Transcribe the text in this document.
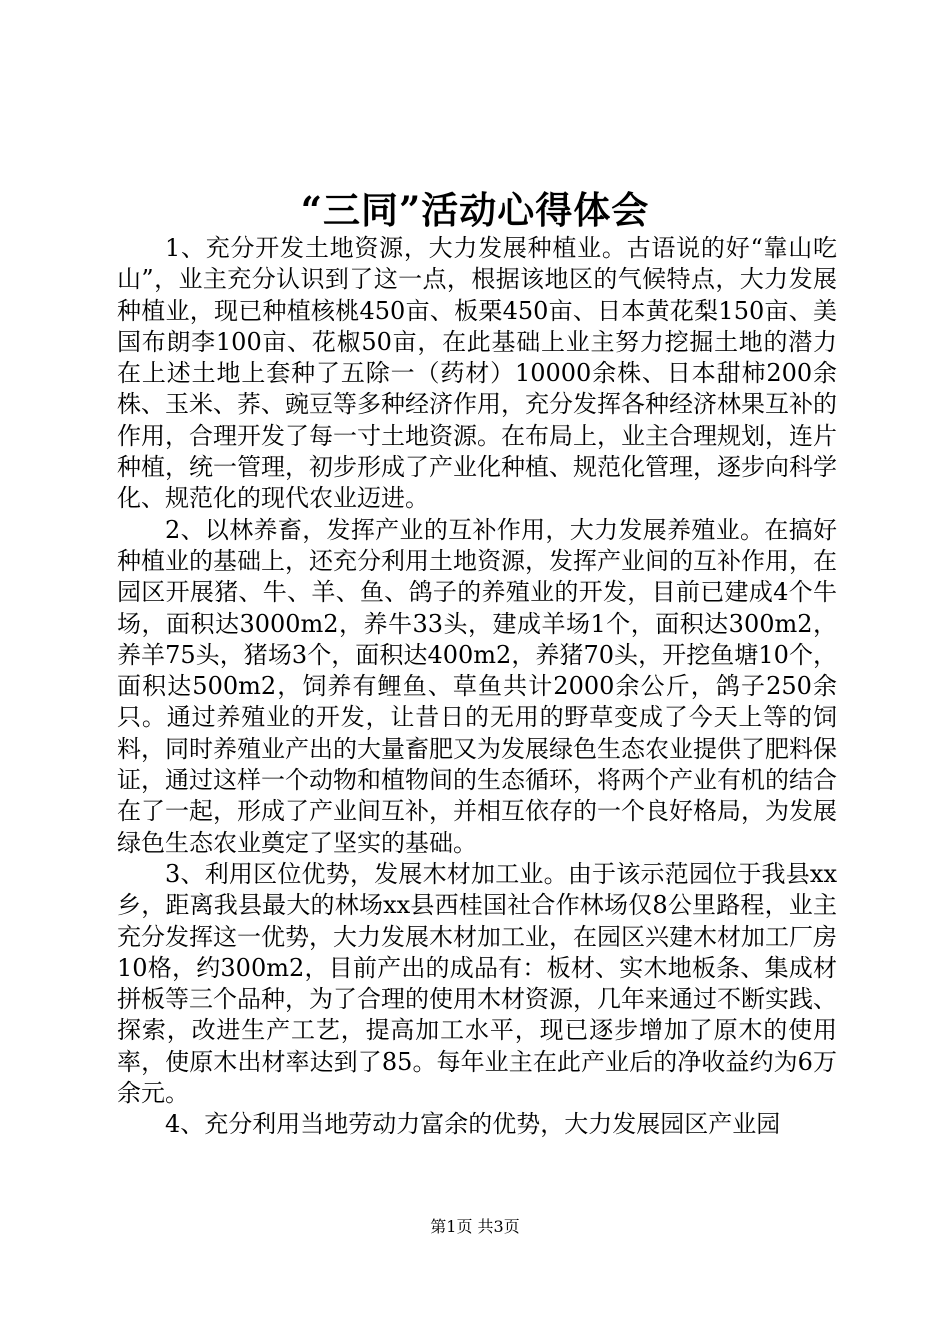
“三同”活动心得体会

1、充分开发土地资源，大力发展种植业。古语说的好“靠山吃山”，业主充分认识到了这一点，根据该地区的气候特点，大力发展种植业，现已种植核桃450亩、板栗450亩、日本黄花梨150亩、美国布朗李100亩、花椒50亩，在此基础上业主努力挖掘土地的潜力在上述土地上套种了五除一（药材）10000余株、日本甜柿200余株、玉米、荞、豌豆等多种经济作用，充分发挥各种经济林果互补的作用，合理开发了每一寸土地资源。在布局上，业主合理规划，连片种植，统一管理，初步形成了产业化种植、规范化管理，逐步向科学化、规范化的现代农业迈进。

2、以林养畜，发挥产业的互补作用，大力发展养殖业。在搞好种植业的基础上，还充分利用土地资源，发挥产业间的互补作用，在园区开展猪、牛、羊、鱼、鸽子的养殖业的开发，目前已建成4个牛场，面积达3000m2，养牛33头，建成羊场1个，面积达300m2，养羊75头，猪场3个，面积达400m2，养猪70头，开挖鱼塘10个，面积达500m2，饲养有鲤鱼、草鱼共计2000余公斤，鸽子250余只。通过养殖业的开发，让昔日的无用的野草变成了今天上等的饲料，同时养殖业产出的大量畜肥又为发展绿色生态农业提供了肥料保证，通过这样一个动物和植物间的生态循环，将两个产业有机的结合在了一起，形成了产业间互补，并相互依存的一个良好格局，为发展绿色生态农业奠定了坚实的基础。

3、利用区位优势，发展木材加工业。由于该示范园位于我县xx乡，距离我县最大的林场xx县西桂国社合作林场仅8公里路程，业主充分发挥这一优势，大力发展木材加工业，在园区兴建木材加工厂房10格，约300m2，目前产出的成品有：板材、实木地板条、集成材拼板等三个品种，为了合理的使用木材资源，几年来通过不断实践、探索，改进生产工艺，提高加工水平，现已逐步增加了原木的使用率，使原木出材率达到了85。每年业主在此产业后的净收益约为6万余元。

4、充分利用当地劳动力富余的优势，大力发展园区产业园

第1页 共3页
